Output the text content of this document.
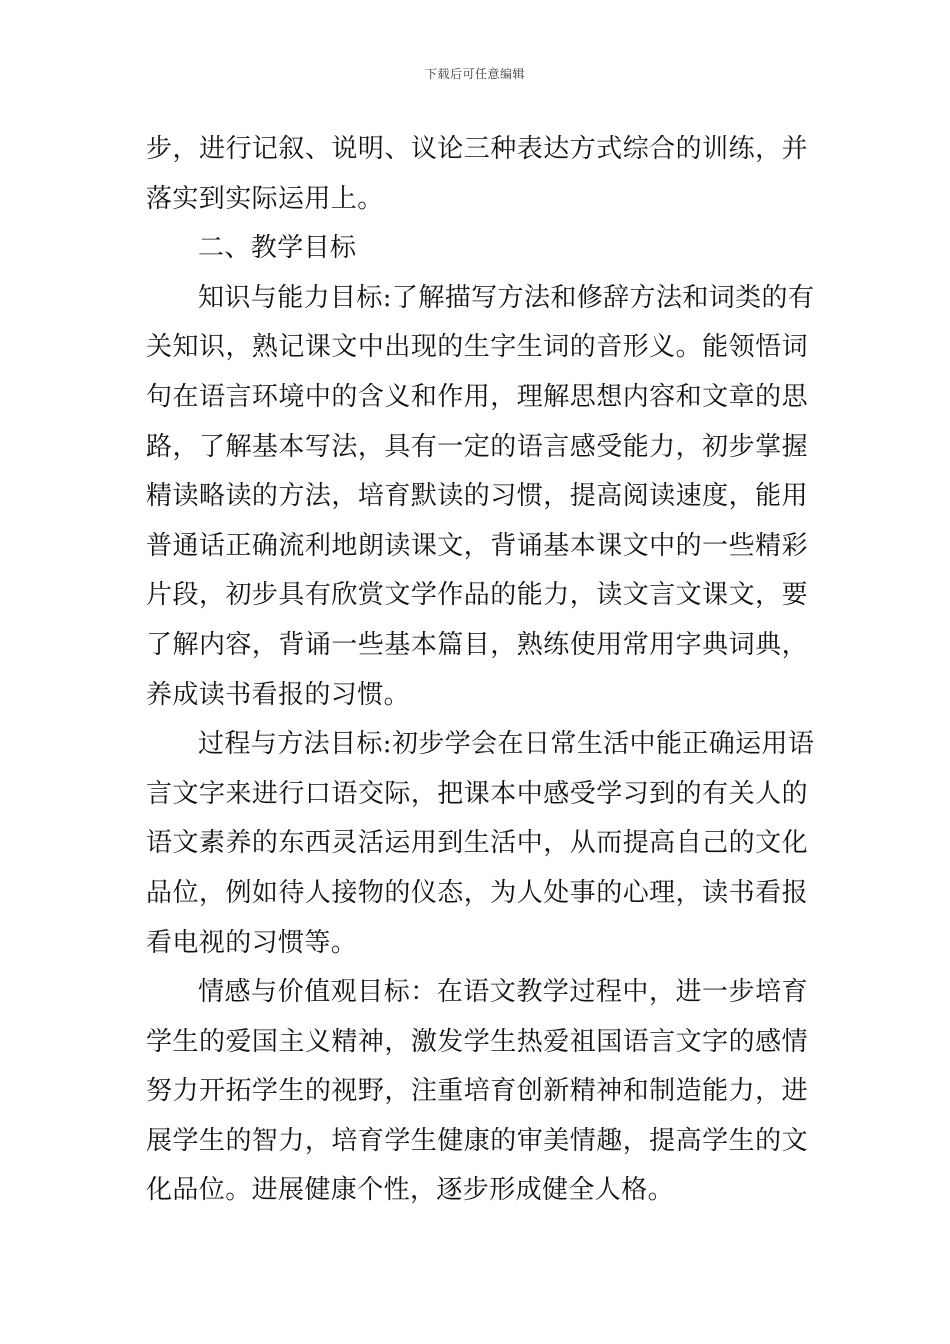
下载后可任意编辑

步，进行记叙、说明、议论三种表达方式综合的训练，并
落实到实际运用上。

二、教学目标

知识与能力目标:了解描写方法和修辞方法和词类的有
关知识，熟记课文中出现的生字生词的音形义。能领悟词
句在语言环境中的含义和作用，理解思想内容和文章的思
路，了解基本写法，具有一定的语言感受能力，初步掌握
精读略读的方法，培育默读的习惯，提高阅读速度，能用
普通话正确流利地朗读课文，背诵基本课文中的一些精彩
片段，初步具有欣赏文学作品的能力，读文言文课文，要
了解内容，背诵一些基本篇目，熟练使用常用字典词典，
养成读书看报的习惯。

过程与方法目标:初步学会在日常生活中能正确运用语
言文字来进行口语交际，把课本中感受学习到的有关人的
语文素养的东西灵活运用到生活中，从而提高自己的文化
品位，例如待人接物的仪态，为人处事的心理，读书看报
看电视的习惯等。

情感与价值观目标：在语文教学过程中，进一步培育
学生的爱国主义精神，激发学生热爱祖国语言文字的感情
努力开拓学生的视野，注重培育创新精神和制造能力，进
展学生的智力，培育学生健康的审美情趣，提高学生的文
化品位。进展健康个性，逐步形成健全人格。
